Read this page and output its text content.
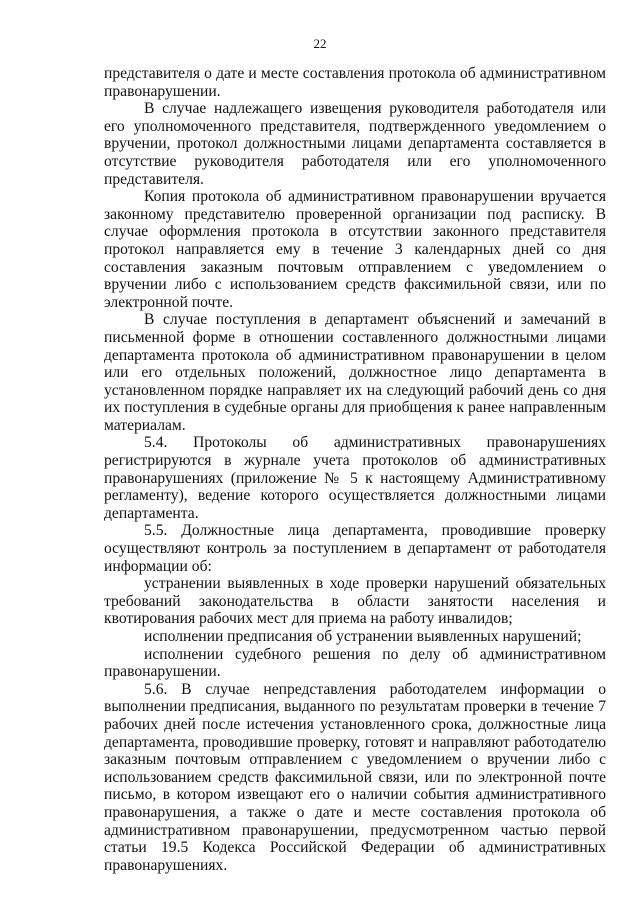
22

представителя о дате и месте составления протокола об административном правонарушении.

В случае надлежащего извещения руководителя работодателя или его уполномоченного представителя, подтвержденного уведомлением о вручении, протокол должностными лицами департамента составляется в отсутствие руководителя работодателя или его уполномоченного представителя.

Копия протокола об административном правонарушении вручается законному представителю проверенной организации под расписку. В случае оформления протокола в отсутствии законного представителя протокол направляется ему в течение 3 календарных дней со дня составления заказным почтовым отправлением с уведомлением о вручении либо с использованием средств факсимильной связи, или по электронной почте.

В случае поступления в департамент объяснений и замечаний в письменной форме в отношении составленного должностными лицами департамента протокола об административном правонарушении в целом или его отдельных положений, должностное лицо департамента в установленном порядке направляет их на следующий рабочий день со дня их поступления в судебные органы для приобщения к ранее направленным материалам.

5.4. Протоколы об административных правонарушениях регистрируются в журнале учета протоколов об административных правонарушениях (приложение № 5 к настоящему Административному регламенту), ведение которого осуществляется должностными лицами департамента.

5.5. Должностные лица департамента, проводившие проверку осуществляют контроль за поступлением в департамент от работодателя информации об:

устранении выявленных в ходе проверки нарушений обязательных требований законодательства в области занятости населения и квотирования рабочих мест для приема на работу инвалидов;

исполнении предписания об устранении выявленных нарушений;

исполнении судебного решения по делу об административном правонарушении.

5.6. В случае непредставления работодателем информации о выполнении предписания, выданного по результатам проверки в течение 7 рабочих дней после истечения установленного срока, должностные лица департамента, проводившие проверку, готовят и направляют работодателю заказным почтовым отправлением с уведомлением о вручении либо с использованием средств факсимильной связи, или по электронной почте письмо, в котором извещают его о наличии события административного правонарушения, а также о дате и месте составления протокола об административном правонарушении, предусмотренном частью первой статьи 19.5 Кодекса Российской Федерации об административных правонарушениях.
